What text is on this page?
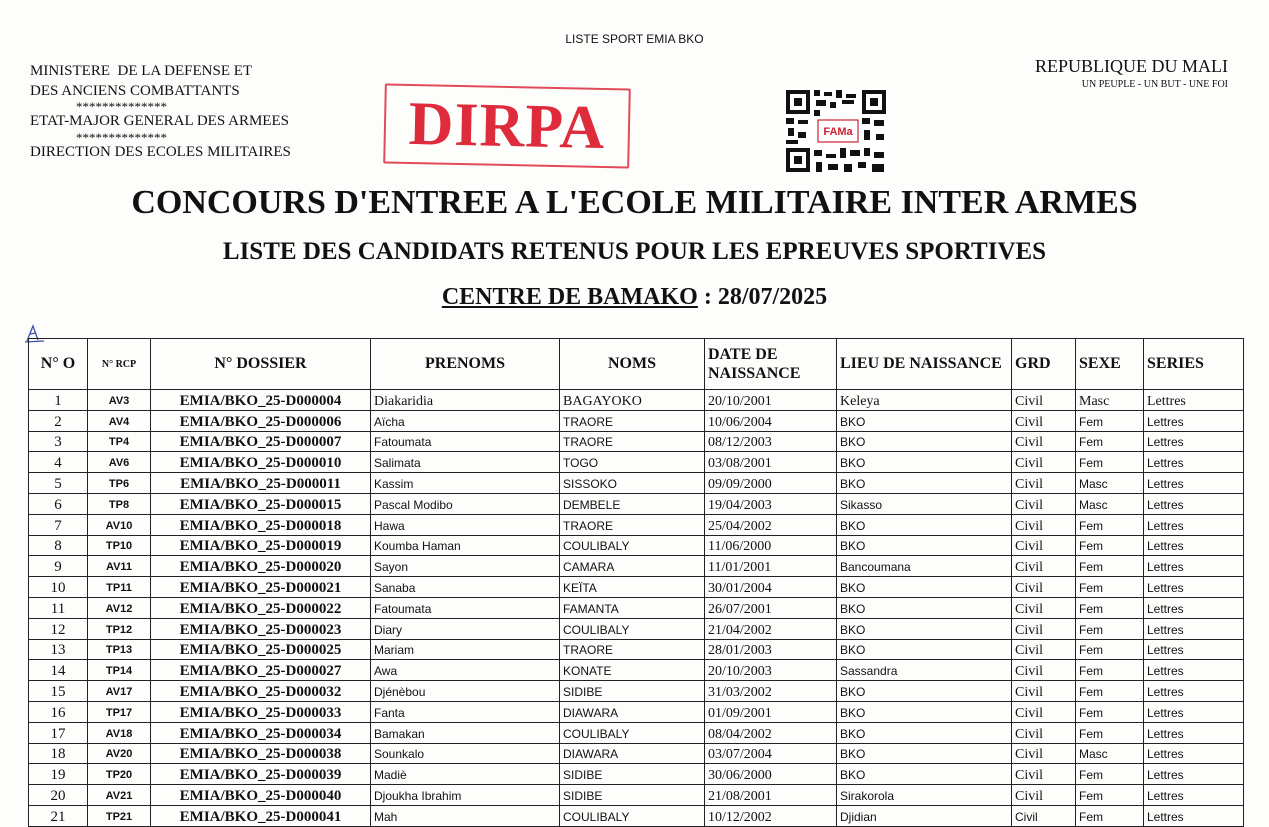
LISTE SPORT EMIA BKO
MINISTERE  DE LA DEFENSE ET
DES ANCIENS COMBATTANTS
**************
ETAT-MAJOR GENERAL DES ARMEES
**************
DIRECTION DES ECOLES MILITAIRES
REPUBLIQUE DU MALI
UN PEUPLE - UN BUT - UNE FOI
DIRPA	FAMa
CONCOURS D'ENTREE A L'ECOLE MILITAIRE INTER ARMES
LISTE DES CANDIDATS RETENUS POUR LES EPREUVES SPORTIVES
CENTRE DE BAMAKO : 28/07/2025
N° O	N° RCP	N° DOSSIER	PRENOMS	NOMS	DATE DE
NAISSANCE	LIEU DE NAISSANCE	GRD	SEXE	SERIES
1	AV3	EMIA/BKO_25-D000004	Diakaridia	BAGAYOKO	20/10/2001	Keleya	Civil	Masc	Lettres
2	AV4	EMIA/BKO_25-D000006	Aïcha	TRAORE	10/06/2004	BKO	Civil	Fem	Lettres
3	TP4	EMIA/BKO_25-D000007	Fatoumata	TRAORE	08/12/2003	BKO	Civil	Fem	Lettres
4	AV6	EMIA/BKO_25-D000010	Salimata	TOGO	03/08/2001	BKO	Civil	Fem	Lettres
5	TP6	EMIA/BKO_25-D000011	Kassim	SISSOKO	09/09/2000	BKO	Civil	Masc	Lettres
6	TP8	EMIA/BKO_25-D000015	Pascal Modibo	DEMBELE	19/04/2003	Sikasso	Civil	Masc	Lettres
7	AV10	EMIA/BKO_25-D000018	Hawa	TRAORE	25/04/2002	BKO	Civil	Fem	Lettres
8	TP10	EMIA/BKO_25-D000019	Koumba Haman	COULIBALY	11/06/2000	BKO	Civil	Fem	Lettres
9	AV11	EMIA/BKO_25-D000020	Sayon	CAMARA	11/01/2001	Bancoumana	Civil	Fem	Lettres
10	TP11	EMIA/BKO_25-D000021	Sanaba	KEÏTA	30/01/2004	BKO	Civil	Fem	Lettres
11	AV12	EMIA/BKO_25-D000022	Fatoumata	FAMANTA	26/07/2001	BKO	Civil	Fem	Lettres
12	TP12	EMIA/BKO_25-D000023	Diary	COULIBALY	21/04/2002	BKO	Civil	Fem	Lettres
13	TP13	EMIA/BKO_25-D000025	Mariam	TRAORE	28/01/2003	BKO	Civil	Fem	Lettres
14	TP14	EMIA/BKO_25-D000027	Awa	KONATE	20/10/2003	Sassandra	Civil	Fem	Lettres
15	AV17	EMIA/BKO_25-D000032	Djénèbou	SIDIBE	31/03/2002	BKO	Civil	Fem	Lettres
16	TP17	EMIA/BKO_25-D000033	Fanta	DIAWARA	01/09/2001	BKO	Civil	Fem	Lettres
17	AV18	EMIA/BKO_25-D000034	Bamakan	COULIBALY	08/04/2002	BKO	Civil	Fem	Lettres
18	AV20	EMIA/BKO_25-D000038	Sounkalo	DIAWARA	03/07/2004	BKO	Civil	Masc	Lettres
19	TP20	EMIA/BKO_25-D000039	Madiè	SIDIBE	30/06/2000	BKO	Civil	Fem	Lettres
20	AV21	EMIA/BKO_25-D000040	Djoukha Ibrahim	SIDIBE	21/08/2001	Sirakorola	Civil	Fem	Lettres
21	TP21	EMIA/BKO_25-D000041	Mah	COULIBALY	10/12/2002	Djidian	Civil	Fem	Lettres
